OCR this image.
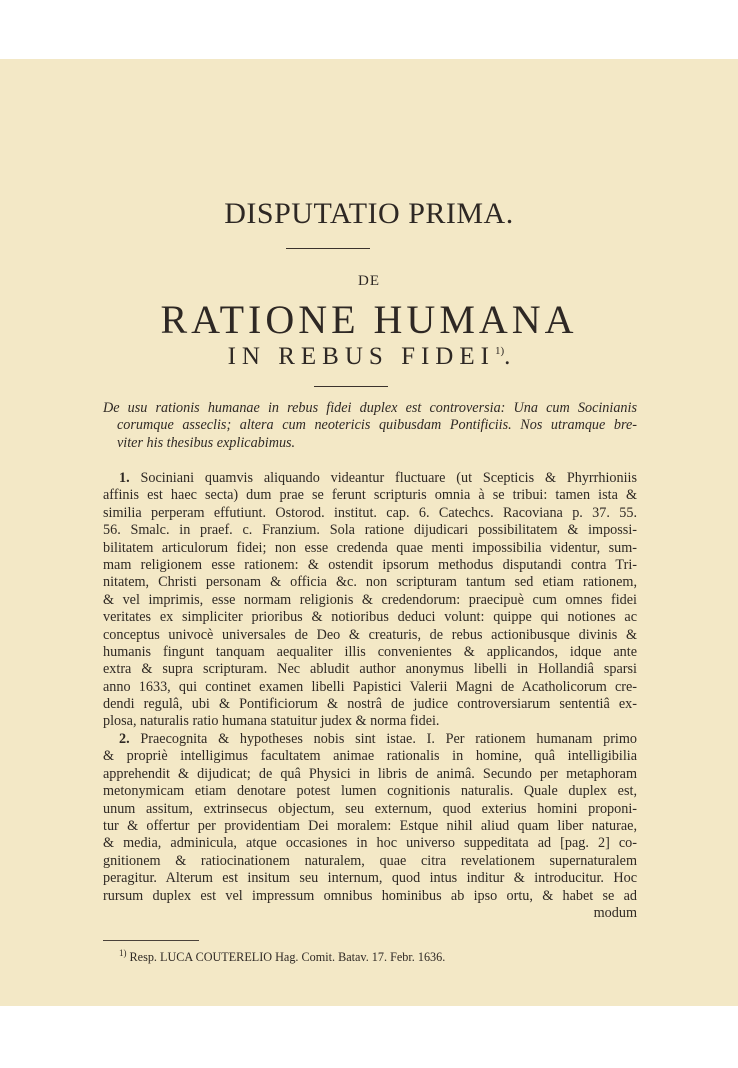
DISPUTATIO PRIMA.
DE
RATIONE HUMANA
IN REBUS FIDEI$^{1)}$.
De usu rationis humanae in rebus fidei duplex est controversia: Una cum Socinianis
corumque asseclis; altera cum neotericis quibusdam Pontificiis. Nos utramque bre-
viter his thesibus explicabimus.
1. Sociniani quamvis aliquando videantur fluctuare (ut Scepticis & Phyrrhioniis
affinis est haec secta) dum prae se ferunt scripturis omnia à se tribui: tamen ista &
similia perperam effutiunt. Ostorod. institut. cap. 6. Catechcs. Racoviana p. 37. 55.
56. Smalc. in praef. c. Franzium. Sola ratione dijudicari possibilitatem & impossi-
bilitatem articulorum fidei; non esse credenda quae menti impossibilia videntur, sum-
mam religionem esse rationem: & ostendit ipsorum methodus disputandi contra Tri-
nitatem, Christi personam & officia &c. non scripturam tantum sed etiam rationem,
& vel imprimis, esse normam religionis & credendorum: praecipuè cum omnes fidei
veritates ex simpliciter prioribus & notioribus deduci volunt: quippe qui notiones ac
conceptus univocè universales de Deo & creaturis, de rebus actionibusque divinis &
humanis fingunt tanquam aequaliter illis convenientes & applicandos, idque ante
extra & supra scripturam. Nec abludit author anonymus libelli in Hollandiâ sparsi
anno 1633, qui continet examen libelli Papistici Valerii Magni de Acatholicorum cre-
dendi regulâ, ubi & Pontificiorum & nostrâ de judice controversiarum sententiâ ex-
plosa, naturalis ratio humana statuitur judex & norma fidei.
2. Praecognita & hypotheses nobis sint istae. I. Per rationem humanam primo
& propriè intelligimus facultatem animae rationalis in homine, quâ intelligibilia
apprehendit & dijudicat; de quâ Physici in libris de animâ. Secundo per metaphoram
metonymicam etiam denotare potest lumen cognitionis naturalis. Quale duplex est,
unum assitum, extrinsecus objectum, seu externum, quod exterius homini proponi-
tur & offertur per providentiam Dei moralem: Estque nihil aliud quam liber naturae,
& media, adminicula, atque occasiones in hoc universo suppeditata ad [pag. 2] co-
gnitionem & ratiocinationem naturalem, quae citra revelationem supernaturalem
peragitur. Alterum est insitum seu internum, quod intus inditur & introducitur. Hoc
rursum duplex est vel impressum omnibus hominibus ab ipso ortu, & habet se ad
modum
$^{1)}$ Resp. LUCA COUTERELIO Hag. Comit. Batav. 17. Febr. 1636.
